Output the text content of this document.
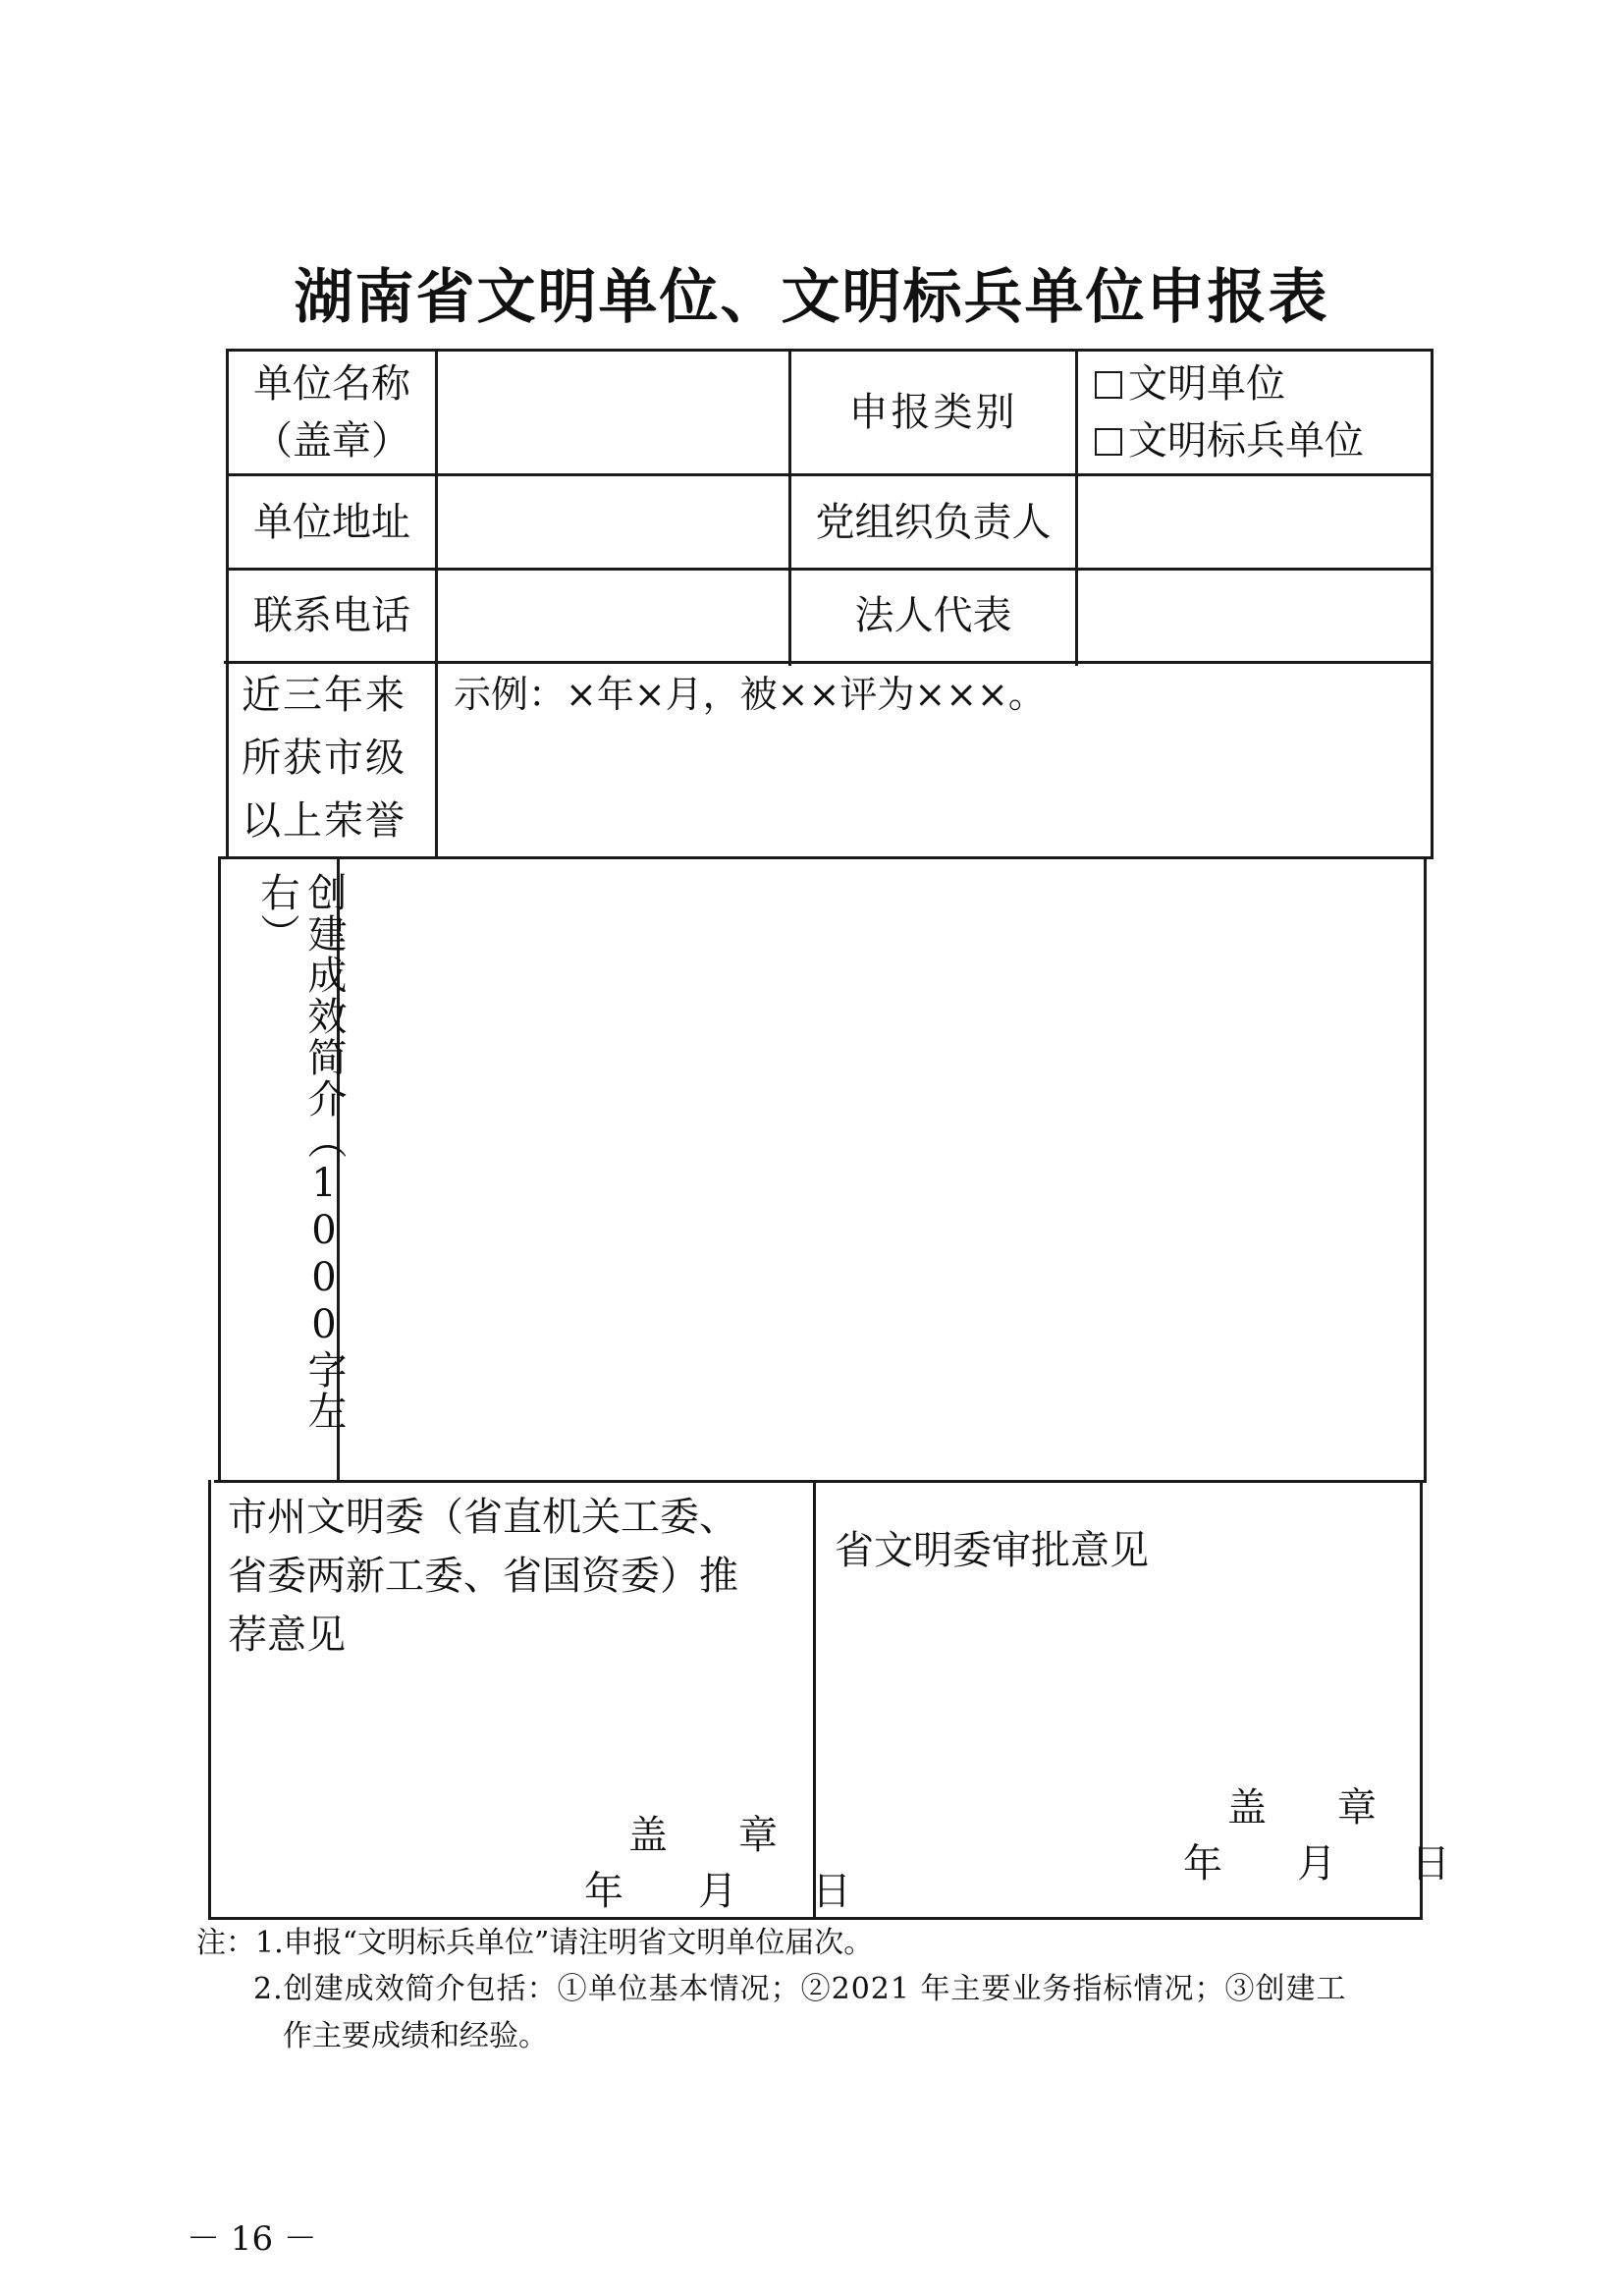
湖南省文明单位、文明标兵单位申报表
单位名称
（盖章）
申报类别
文明单位
文明标兵单位
单位地址	党组织负责人
联系电话	法人代表
近三年来
所获市级
以上荣誉
示例：×年×月，被××评为×××。
创建成效简介（1000字左右）
市州文明委（省直机关工委、
省委两新工委、省国资委）推
荐意见
盖　章
年　月　日
省文明委审批意见
盖　章
年　月　日
注：1.申报“文明标兵单位”请注明省文明单位届次。
2.创建成效简介包括：①单位基本情况；②2021 年主要业务指标情况；③创建工
作主要成绩和经验。
－ 16 －
